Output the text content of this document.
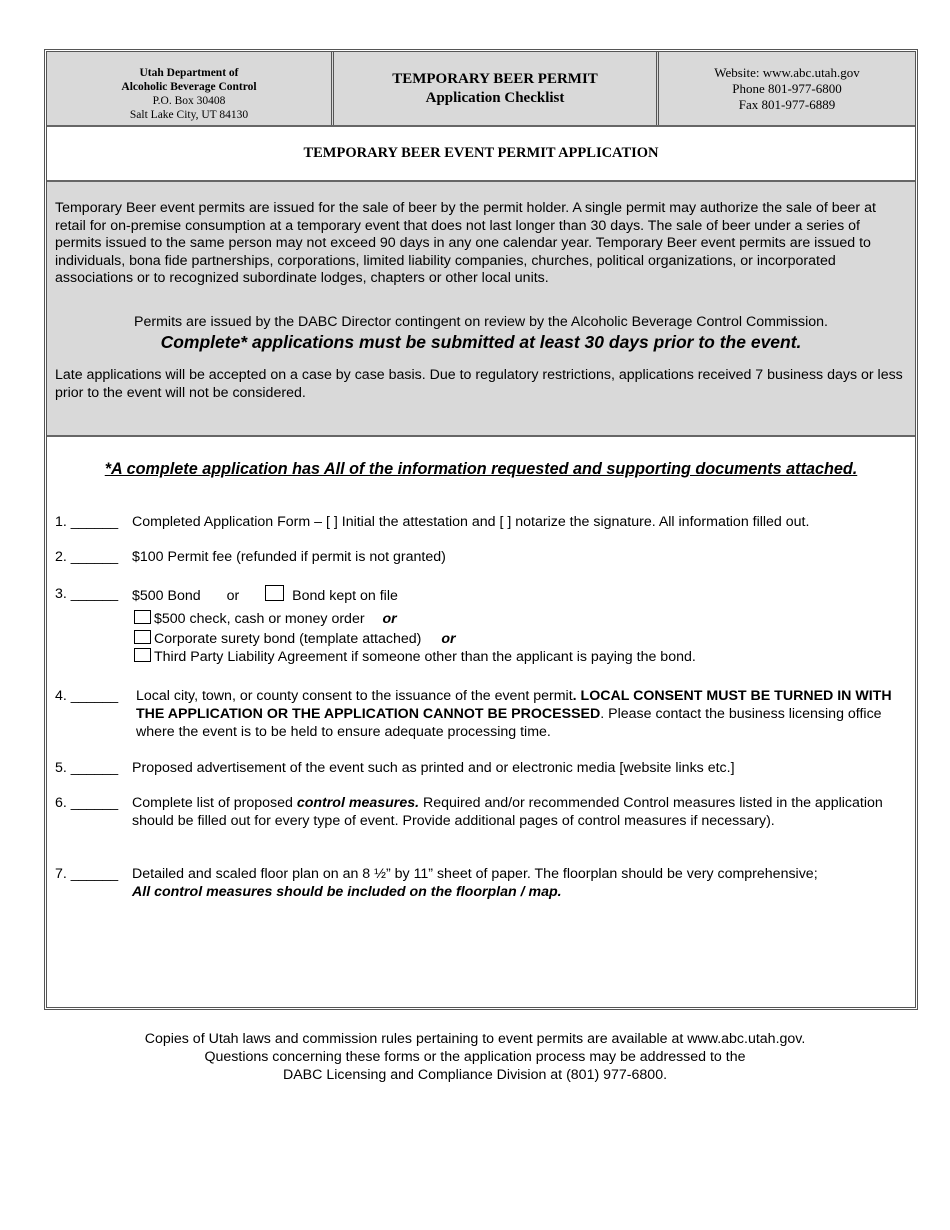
Utah Department of
Alcoholic Beverage Control
P.O. Box 30408
Salt Lake City, UT 84130
TEMPORARY BEER PERMIT
Application Checklist
Website: www.abc.utah.gov
Phone 801-977-6800
Fax 801-977-6889
TEMPORARY BEER EVENT PERMIT APPLICATION

Temporary Beer event permits are issued for the sale of beer by the permit holder. A single permit may authorize the sale of beer at retail for on-premise consumption at a temporary event that does not last longer than 30 days. The sale of beer under a series of permits issued to the same person may not exceed 90 days in any one calendar year. Temporary Beer event permits are issued to individuals, bona fide partnerships, corporations, limited liability companies, churches, political organizations, or incorporated associations or to recognized subordinate lodges, chapters or other local units.

Permits are issued by the DABC Director contingent on review by the Alcoholic Beverage Control Commission.

Complete* applications must be submitted at least 30 days prior to the event.

Late applications will be accepted on a case by case basis. Due to regulatory restrictions, applications received 7 business days or less prior to the event will not be considered.

*A complete application has All of the information requested and supporting documents attached.
1. ______ Completed Application Form – [ ] Initial the attestation and [ ] notarize the signature. All information filled out.
2. ______ $100 Permit fee (refunded if permit is not granted)
3. ______ $500 Bond or	Bond kept on file
$500 check, cash or money order or
Corporate surety bond (template attached) or
Third Party Liability Agreement if someone other than the applicant is paying the bond.
4. ______	Local city, town, or county consent to the issuance of the event permit. LOCAL CONSENT MUST BE TURNED IN WITH THE APPLICATION OR THE APPLICATION CANNOT BE PROCESSED. Please contact the business licensing office where the event is to be held to ensure adequate processing time.
5. ______ Proposed advertisement of the event such as printed and or electronic media [website links etc.]
6. ______ Complete list of proposed control measures. Required and/or recommended Control measures listed in the application should be filled out for every type of event. Provide additional pages of control measures if necessary).
7. ______ Detailed and scaled floor plan on an 8 ½” by 11” sheet of paper. The floorplan should be very comprehensive;
All control measures should be included on the floorplan / map.
Copies of Utah laws and commission rules pertaining to event permits are available at www.abc.utah.gov.
Questions concerning these forms or the application process may be addressed to the
DABC Licensing and Compliance Division at (801) 977-6800.
